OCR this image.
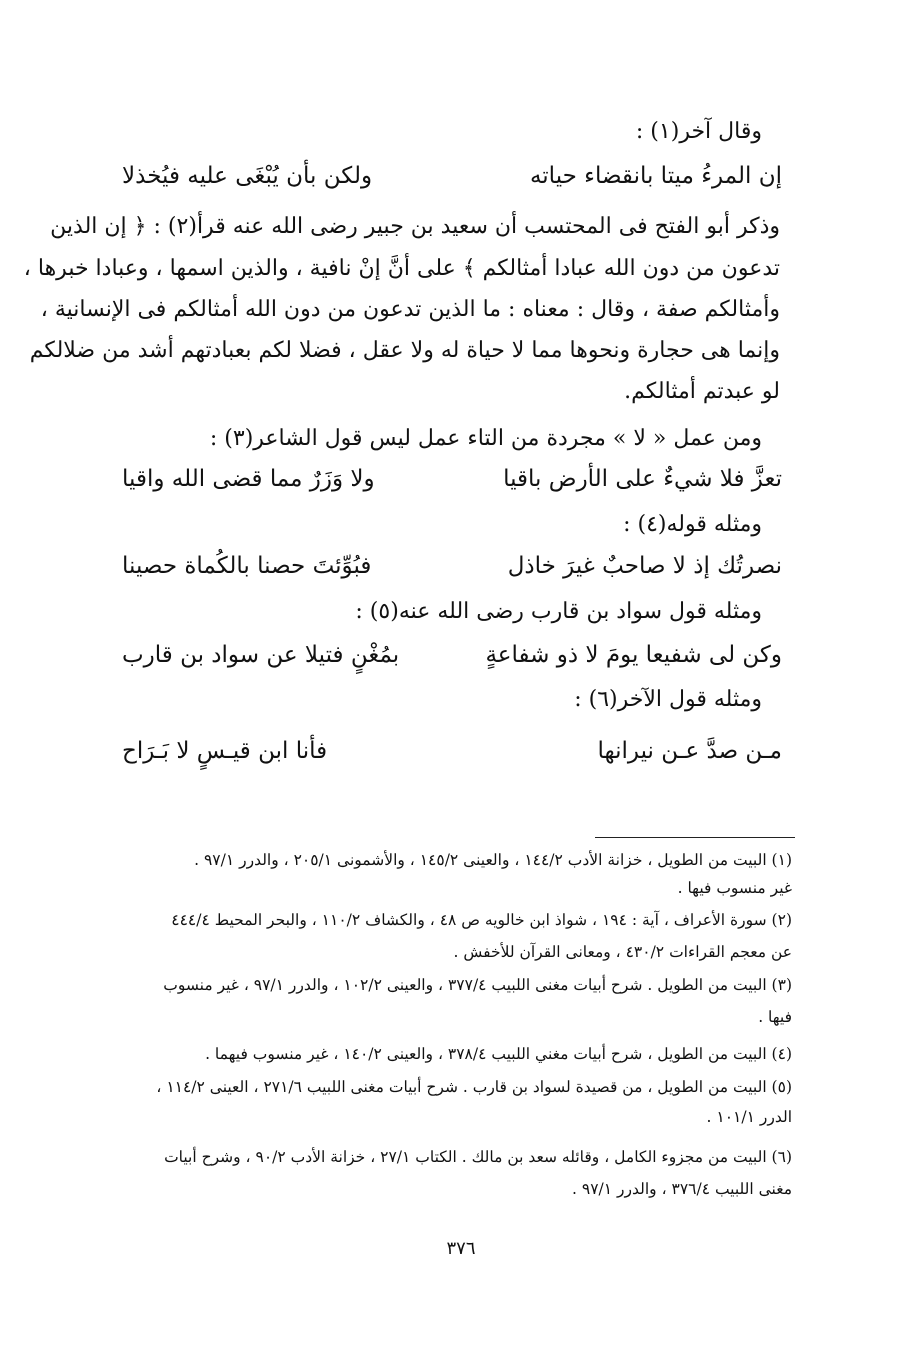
وقال آخر(١) :
إن المرءُ ميتا بانقضاء حياته
ولكن بأن يُبْغَى عليه فيُخذلا
وذكر أبو الفتح فى المحتسب أن سعيد بن جبير رضى الله عنه قرأ(٢) : ﴿ إن الذين
تدعون من دون الله عبادا أمثالكم ﴾ على أنَّ إنْ نافية ، والذين اسمها ، وعبادا خبرها ،
وأمثالكم صفة ، وقال : معناه : ما الذين تدعون من دون الله أمثالكم فى الإنسانية ،
وإنما هى حجارة ونحوها مما لا حياة له ولا عقل ، فضلا لكم بعبادتهم أشد من ضلالكم
لو عبدتم أمثالكم.
ومن عمل « لا » مجردة من التاء عمل ليس قول الشاعر(٣) :
تعزَّ فلا شيءٌ على الأرض باقيا
ولا وَزَرٌ مما قضى الله واقيا
ومثله قوله(٤) :
نصرتُك إذ لا صاحبٌ غيرَ خاذل
فبُوِّئتَ حصنا بالكُماة حصينا
ومثله قول سواد بن قارب رضى الله عنه(٥) :
وكن لى شفيعا يومَ لا ذو شفاعةٍ
بمُغْنٍ فتيلا عن سواد بن قارب
ومثله قول الآخر(٦) :
مـن صدَّ عـن نيرانها
فأنا ابن قيـسٍ لا بَـرَاح
(١) البيت من الطويل ، خزانة الأدب ١٤٤/٢ ، والعينى ١٤٥/٢ ، والأشمونى ٢٠٥/١ ، والدرر ٩٧/١ .
غير منسوب فيها .
(٢) سورة الأعراف ، آية : ١٩٤ ، شواذ ابن خالويه ص ٤٨ ، والكشاف ١١٠/٢ ، والبحر المحيط ٤٤٤/٤
عن معجم القراءات ٤٣٠/٢ ، ومعانى القرآن للأخفش .
(٣) البيت من الطويل . شرح أبيات مغنى اللبيب ٣٧٧/٤ ، والعينى ١٠٢/٢ ، والدرر ٩٧/١ ، غير منسوب
فيها .
(٤) البيت من الطويل ، شرح أبيات مغني اللبيب ٣٧٨/٤ ، والعينى ١٤٠/٢ ، غير منسوب فيهما .
(٥) البيت من الطويل ، من قصيدة لسواد بن قارب . شرح أبيات مغنى اللبيب ٢٧١/٦ ، العينى ١١٤/٢ ،
الدرر ١٠١/١ .
(٦) البيت من مجزوء الكامل ، وقائله سعد بن مالك . الكتاب ٢٧/١ ، خزانة الأدب ٩٠/٢ ، وشرح أبيات
مغنى اللبيب ٣٧٦/٤ ، والدرر ٩٧/١ .
٣٧٦
